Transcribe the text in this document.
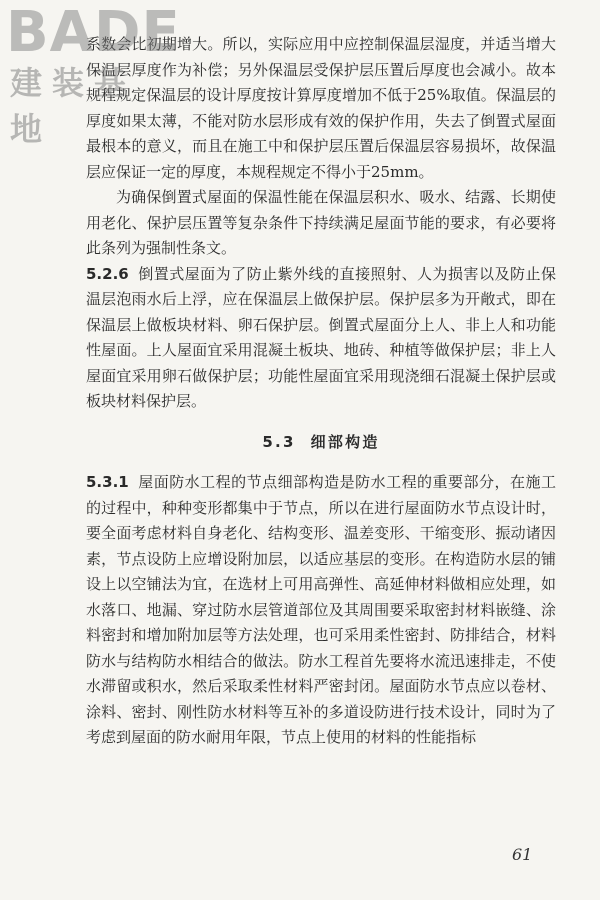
系数会比初期增大。所以，实际应用中应控制保温层湿度，并适当增大保温层厚度作为补偿；另外保温层受保护层压置后厚度也会减小。故本规程规定保温层的设计厚度按计算厚度增加不低于25%取值。保温层的厚度如果太薄，不能对防水层形成有效的保护作用，失去了倒置式屋面最根本的意义，而且在施工中和保护层压置后保温层容易损坏，故保温层应保证一定的厚度，本规程规定不得小于25mm。

为确保倒置式屋面的保温性能在保温层积水、吸水、结露、长期使用老化、保护层压置等复杂条件下持续满足屋面节能的要求，有必要将此条列为强制性条文。

5.2.6 倒置式屋面为了防止紫外线的直接照射、人为损害以及防止保温层泡雨水后上浮，应在保温层上做保护层。保护层多为开敞式，即在保温层上做板块材料、卵石保护层。倒置式屋面分上人、非上人和功能性屋面。上人屋面宜采用混凝土板块、地砖、种植等做保护层；非上人屋面宜采用卵石做保护层；功能性屋面宜采用现浇细石混凝土保护层或板块材料保护层。

5.3 细部构造

5.3.1 屋面防水工程的节点细部构造是防水工程的重要部分，在施工的过程中，种种变形都集中于节点，所以在进行屋面防水节点设计时，要全面考虑材料自身老化、结构变形、温差变形、干缩变形、振动诸因素，节点设防上应增设附加层，以适应基层的变形。在构造防水层的铺设上以空铺法为宜，在选材上可用高弹性、高延伸材料做相应处理，如水落口、地漏、穿过防水层管道部位及其周围要采取密封材料嵌缝、涂料密封和增加附加层等方法处理，也可采用柔性密封、防排结合，材料防水与结构防水相结合的做法。防水工程首先要将水流迅速排走，不使水滞留或积水，然后采取柔性材料严密封闭。屋面防水节点应以卷材、涂料、密封、刚性防水材料等互补的多道设防进行技术设计，同时为了考虑到屋面的防水耐用年限，节点上使用的材料的性能指标

BADE
建装基地
61
